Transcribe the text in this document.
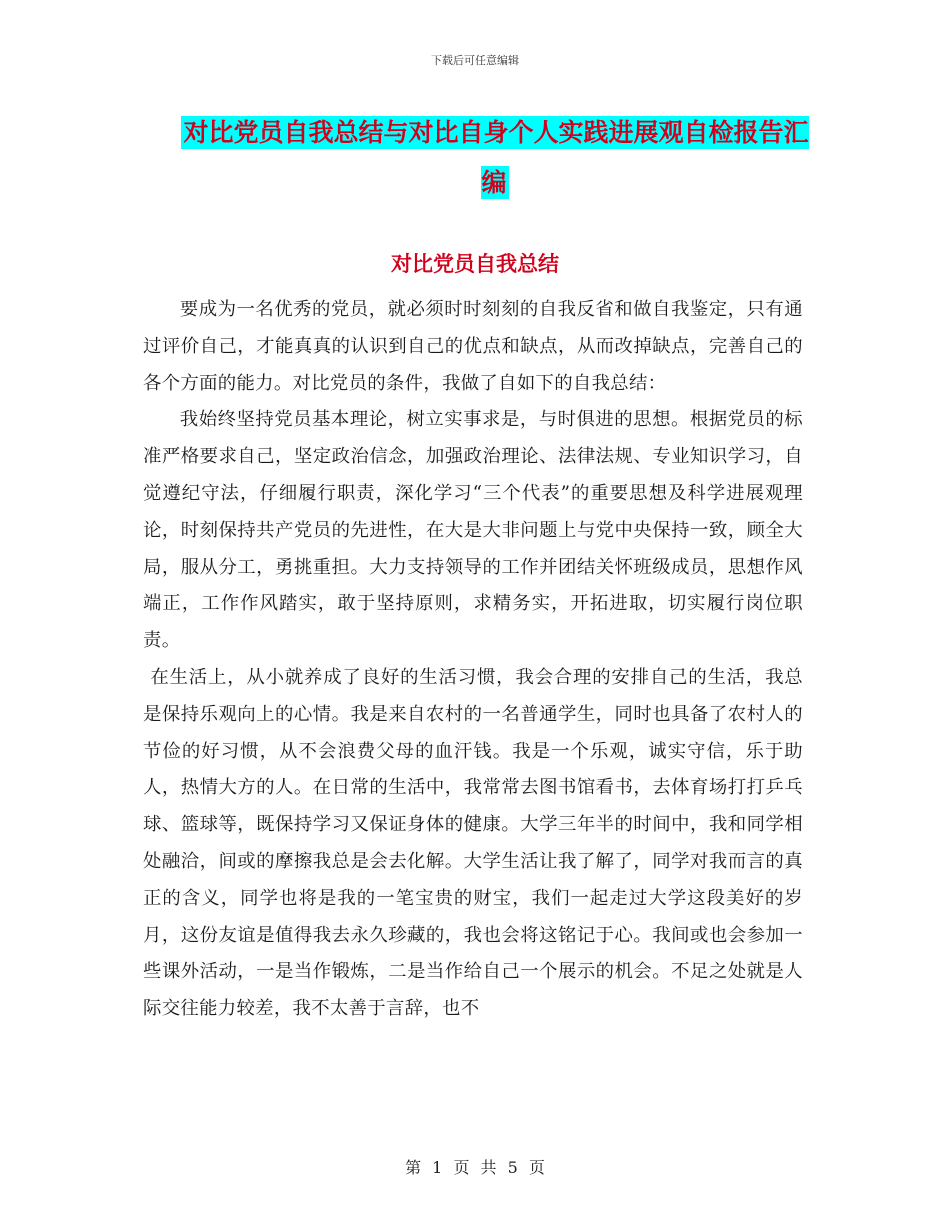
下载后可任意编辑
对比党员自我总结与对比自身个人实践进展观自检报告汇编
对比党员自我总结

要成为一名优秀的党员，就必须时时刻刻的自我反省和做自我鉴定，只有通过评价自己，才能真真的认识到自己的优点和缺点，从而改掉缺点，完善自己的各个方面的能力。对比党员的条件，我做了自如下的自我总结：

我始终坚持党员基本理论，树立实事求是，与时俱进的思想。根据党员的标准严格要求自己，坚定政治信念，加强政治理论、法律法规、专业知识学习，自觉遵纪守法，仔细履行职责，深化学习“三个代表”的重要思想及科学进展观理论，时刻保持共产党员的先进性，在大是大非问题上与党中央保持一致，顾全大局，服从分工，勇挑重担。大力支持领导的工作并团结关怀班级成员，思想作风端正，工作作风踏实，敢于坚持原则，求精务实，开拓进取，切实履行岗位职责。

在生活上，从小就养成了良好的生活习惯，我会合理的安排自己的生活，我总是保持乐观向上的心情。我是来自农村的一名普通学生，同时也具备了农村人的节俭的好习惯，从不会浪费父母的血汗钱。我是一个乐观，诚实守信，乐于助人，热情大方的人。在日常的生活中，我常常去图书馆看书，去体育场打打乒乓球、篮球等，既保持学习又保证身体的健康。大学三年半的时间中，我和同学相处融洽，间或的摩擦我总是会去化解。大学生活让我了解了，同学对我而言的真正的含义，同学也将是我的一笔宝贵的财宝，我们一起走过大学这段美好的岁月，这份友谊是值得我去永久珍藏的，我也会将这铭记于心。我间或也会参加一些课外活动，一是当作锻炼，二是当作给自己一个展示的机会。不足之处就是人际交往能力较差，我不太善于言辞，也不

第 1 页 共 5 页
